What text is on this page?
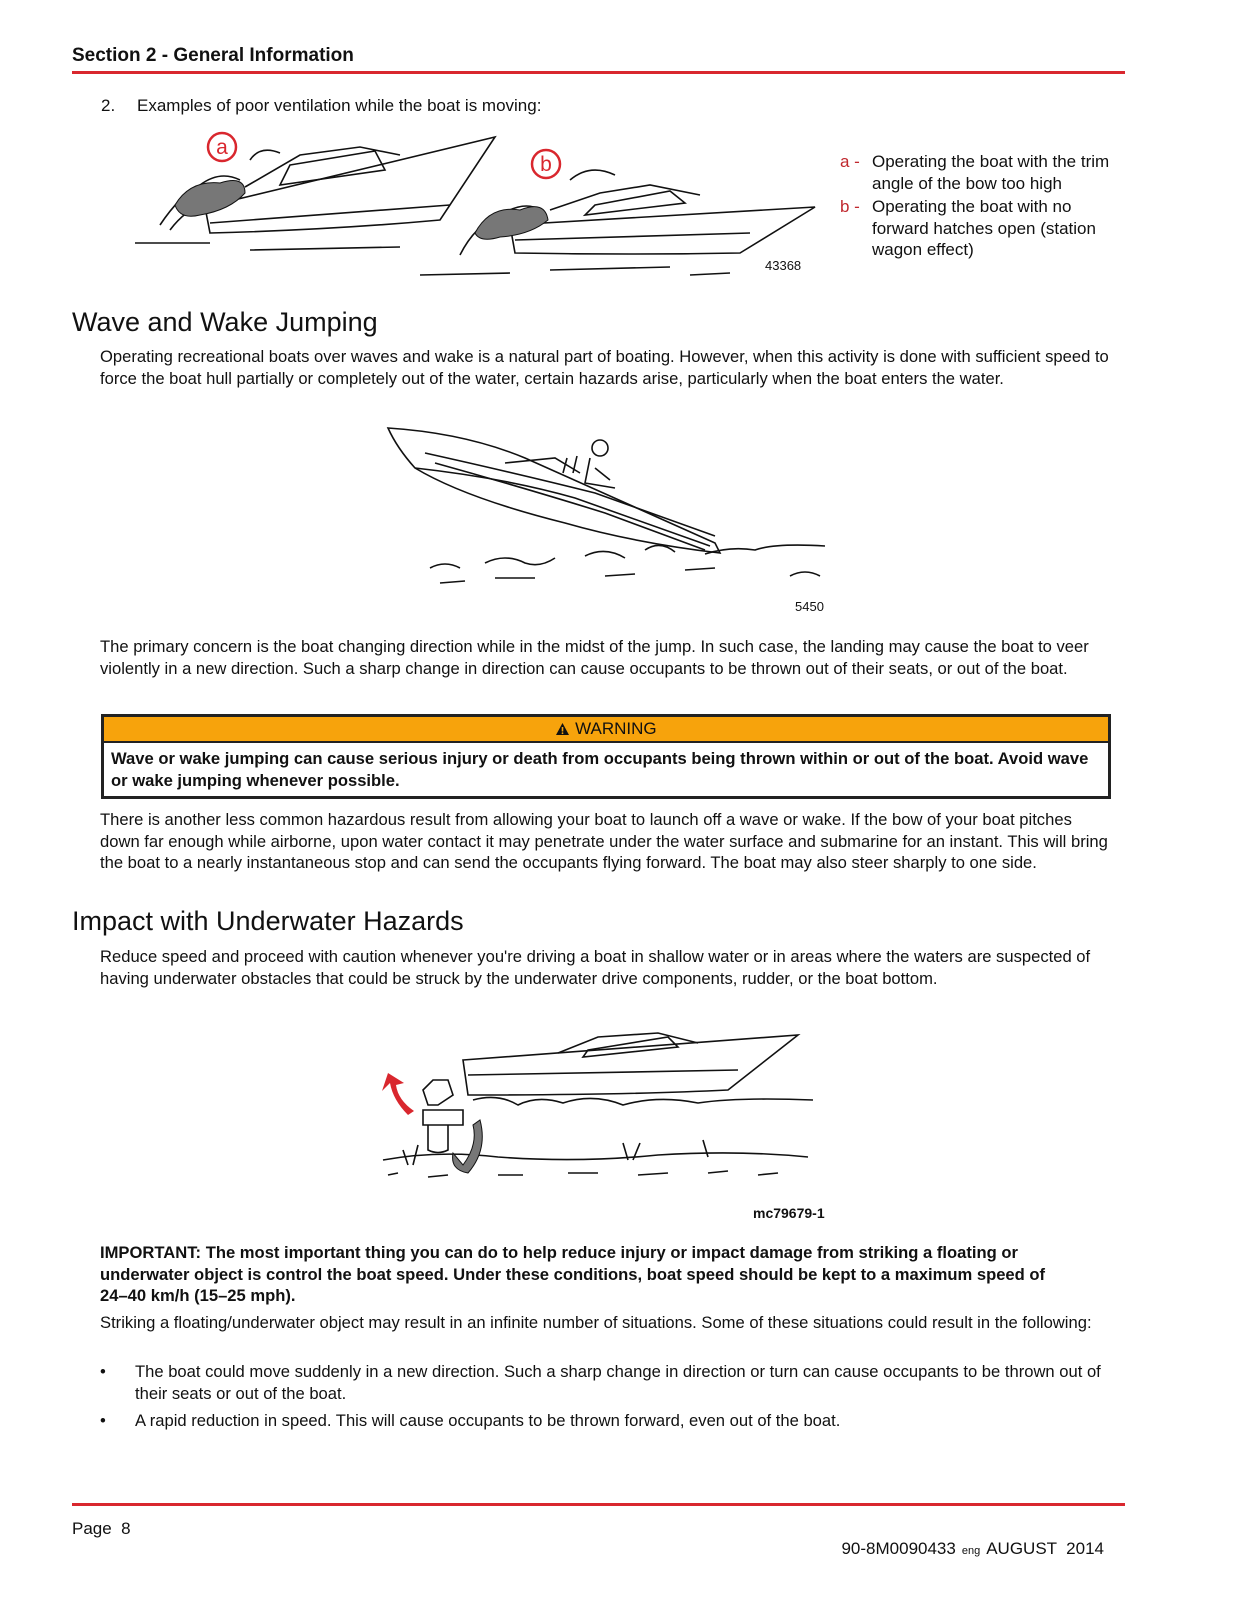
Section 2 - General Information
2. Examples of poor ventilation while the boat is moving:
a
b
43368
a - Operating the boat with the trim angle of the bow too high
b - Operating the boat with no forward hatches open (station wagon effect)
Wave and Wake Jumping
Operating recreational boats over waves and wake is a natural part of boating. However, when this activity is done with sufficient speed to force the boat hull partially or completely out of the water, certain hazards arise, particularly when the boat enters the water.
5450
The primary concern is the boat changing direction while in the midst of the jump. In such case, the landing may cause the boat to veer violently in a new direction. Such a sharp change in direction can cause occupants to be thrown out of their seats, or out of the boat.
WARNING
Wave or wake jumping can cause serious injury or death from occupants being thrown within or out of the boat. Avoid wave or wake jumping whenever possible.
There is another less common hazardous result from allowing your boat to launch off a wave or wake. If the bow of your boat pitches down far enough while airborne, upon water contact it may penetrate under the water surface and submarine for an instant. This will bring the boat to a nearly instantaneous stop and can send the occupants flying forward. The boat may also steer sharply to one side.
Impact with Underwater Hazards
Reduce speed and proceed with caution whenever you're driving a boat in shallow water or in areas where the waters are suspected of having underwater obstacles that could be struck by the underwater drive components, rudder, or the boat bottom.
mc79679-1
IMPORTANT: The most important thing you can do to help reduce injury or impact damage from striking a floating or underwater object is control the boat speed. Under these conditions, boat speed should be kept to a maximum speed of 24–40 km/h (15–25 mph).
Striking a floating/underwater object may result in an infinite number of situations. Some of these situations could result in the following:
•	The boat could move suddenly in a new direction. Such a sharp change in direction or turn can cause occupants to be thrown out of their seats or out of the boat.
•	A rapid reduction in speed. This will cause occupants to be thrown forward, even out of the boat.
Page  8

90-8M0090433 eng AUGUST  2014
